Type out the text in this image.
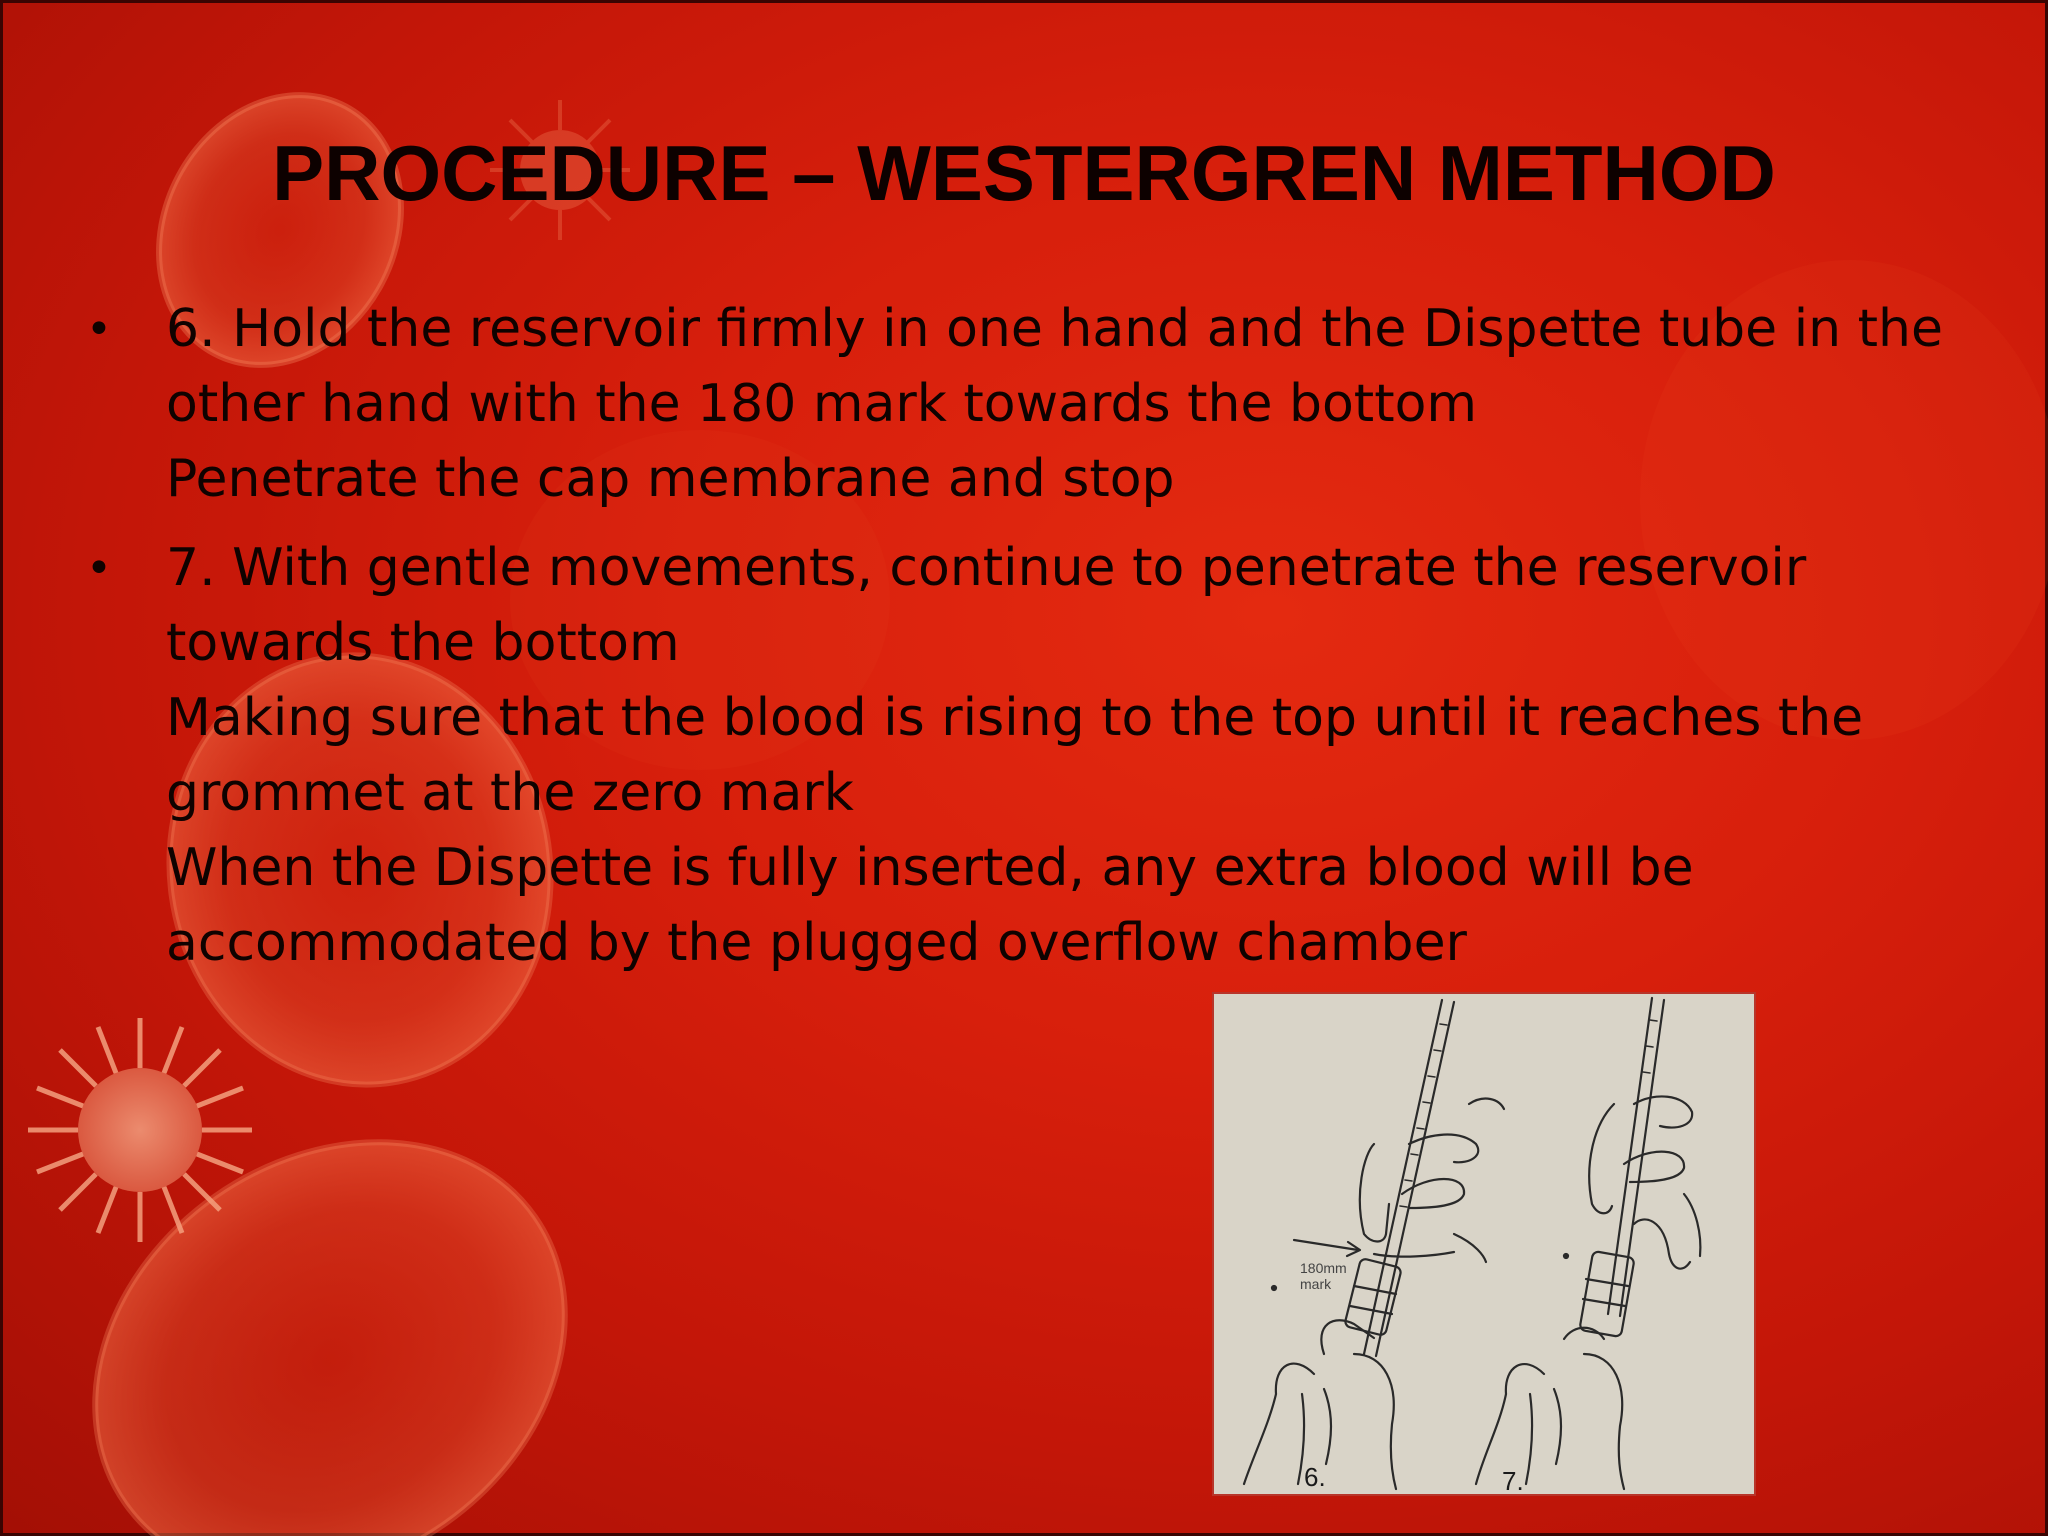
PROCEDURE – WESTERGREN METHOD
• 6. Hold the reservoir firmly in one hand and the Dispette tube in the
other hand with the 180 mark towards the bottom
Penetrate the cap membrane and stop
• 7. With gentle movements, continue to penetrate the reservoir
towards the bottom
Making sure that the blood is rising to the top until it reaches the
grommet at the zero mark
When the Dispette is fully inserted, any extra blood will be
accommodated by the plugged overflow chamber
180mm
mark
6.	7.
